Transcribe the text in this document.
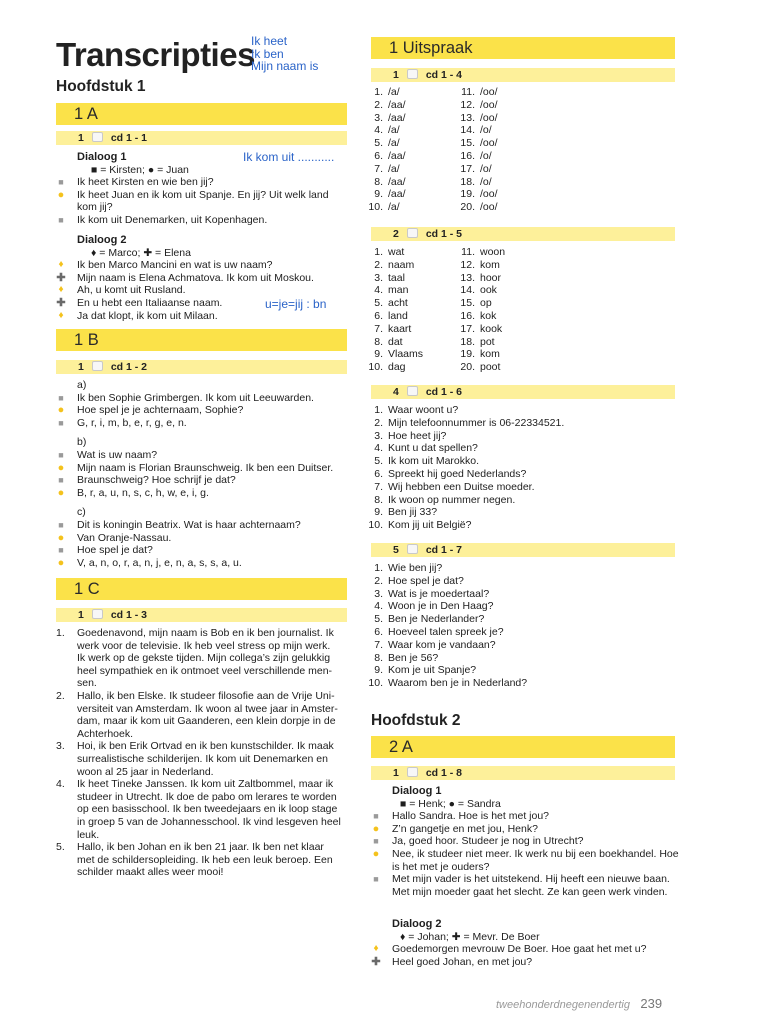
Transcripties
Ik heet
Ik ben
Mijn naam is
Hoofdstuk 1
1 A
1	cd 1 - 1
Ik kom uit ...........
Dialoog 1
■ = Kirsten; ● = Juan
■ Ik heet Kirsten en wie ben jij?
● Ik heet Juan en ik kom uit Spanje. En jij? Uit welk land kom jij?
■ Ik kom uit Denemarken, uit Kopenhagen.
Dialoog 2
♦ = Marco; ✚ = Elena
♦ Ik ben Marco Mancini en wat is uw naam?
✚ Mijn naam is Elena Achmatova. Ik kom uit Moskou.
♦ Ah, u komt uit Rusland.
✚ En u hebt een Italiaanse naam.
♦ Ja dat klopt, ik kom uit Milaan.
u=je=jij : bn
1 B
1	cd 1 - 2
a)
■ Ik ben Sophie Grimbergen. Ik kom uit Leeuwarden.
● Hoe spel je je achternaam, Sophie?
■ G, r, i, m, b, e, r, g, e, n.
b)
■ Wat is uw naam?
● Mijn naam is Florian Braunschweig. Ik ben een Duitser.
■ Braunschweig? Hoe schrijf je dat?
● B, r, a, u, n, s, c, h, w, e, i, g.
c)
■ Dit is koningin Beatrix. Wat is haar achternaam?
● Van Oranje-Nassau.
■ Hoe spel je dat?
● V, a, n, o, r, a, n, j, e, n, a, s, s, a, u.
1 C
1	cd 1 - 3
1. Goedenavond, mijn naam is Bob en ik ben journalist. Ik
werk voor de televisie. Ik heb veel stress op mijn werk.
Ik werk op de gekste tijden. Mijn collega’s zijn gelukkig
heel sympathiek en ik ontmoet veel verschillende men-
sen.
2. Hallo, ik ben Elske. Ik studeer filosofie aan de Vrije Uni-
versiteit van Amsterdam. Ik woon al twee jaar in Amster-
dam, maar ik kom uit Gaanderen, een klein dorpje in de
Achterhoek.
3. Hoi, ik ben Erik Ortvad en ik ben kunstschilder. Ik maak
surrealistische schilderijen. Ik kom uit Denemarken en
woon al 25 jaar in Nederland.
4. Ik heet Tineke Janssen. Ik kom uit Zaltbommel, maar ik
studeer in Utrecht. Ik doe de pabo om lerares te worden
op een basisschool. Ik ben tweedejaars en ik loop stage
in groep 5 van de Johannesschool. Ik vind lesgeven heel
leuk.
5. Hallo, ik ben Johan en ik ben 21 jaar. Ik ben net klaar
met de schildersopleiding. Ik heb een leuk beroep. Een
schilder maakt alles weer mooi!
1 Uitspraak
1	cd 1 - 4
1. /a/
2. /aa/
3. /aa/
4. /a/
5. /a/
6. /aa/
7. /a/
8. /aa/
9. /aa/
10. /a/
11. /oo/
12. /oo/
13. /oo/
14. /o/
15. /oo/
16. /o/
17. /o/
18. /o/
19. /oo/
20. /oo/
2	cd 1 - 5
1. wat
2. naam
3. taal
4. man
5. acht
6. land
7. kaart
8. dat
9. Vlaams
10. dag
11. woon
12. kom
13. hoor
14. ook
15. op
16. kok
17. kook
18. pot
19. kom
20. poot
4	cd 1 - 6
1. Waar woont u?
2. Mijn telefoonnummer is 06-22334521.
3. Hoe heet jij?
4. Kunt u dat spellen?
5. Ik kom uit Marokko.
6. Spreekt hij goed Nederlands?
7. Wij hebben een Duitse moeder.
8. Ik woon op nummer negen.
9. Ben jij 33?
10. Kom jij uit België?
5	cd 1 - 7
1. Wie ben jij?
2. Hoe spel je dat?
3. Wat is je moedertaal?
4. Woon je in Den Haag?
5. Ben je Nederlander?
6. Hoeveel talen spreek je?
7. Waar kom je vandaan?
8. Ben je 56?
9. Kom je uit Spanje?
10. Waarom ben je in Nederland?
Hoofdstuk 2
2 A
1	cd 1 - 8
Dialoog 1
■ = Henk; ● = Sandra
■ Hallo Sandra. Hoe is het met jou?
● Z’n gangetje en met jou, Henk?
■ Ja, goed hoor. Studeer je nog in Utrecht?
● Nee, ik studeer niet meer. Ik werk nu bij een boekhandel. Hoe is het met je ouders?
■ Met mijn vader is het uitstekend. Hij heeft een nieuwe baan. Met mijn moeder gaat het slecht. Ze kan geen werk vinden.
Dialoog 2
♦ = Johan; ✚ = Mevr. De Boer
♦ Goedemorgen mevrouw De Boer. Hoe gaat het met u?
✚ Heel goed Johan, en met jou?
tweehonderdnegenendertig 239
